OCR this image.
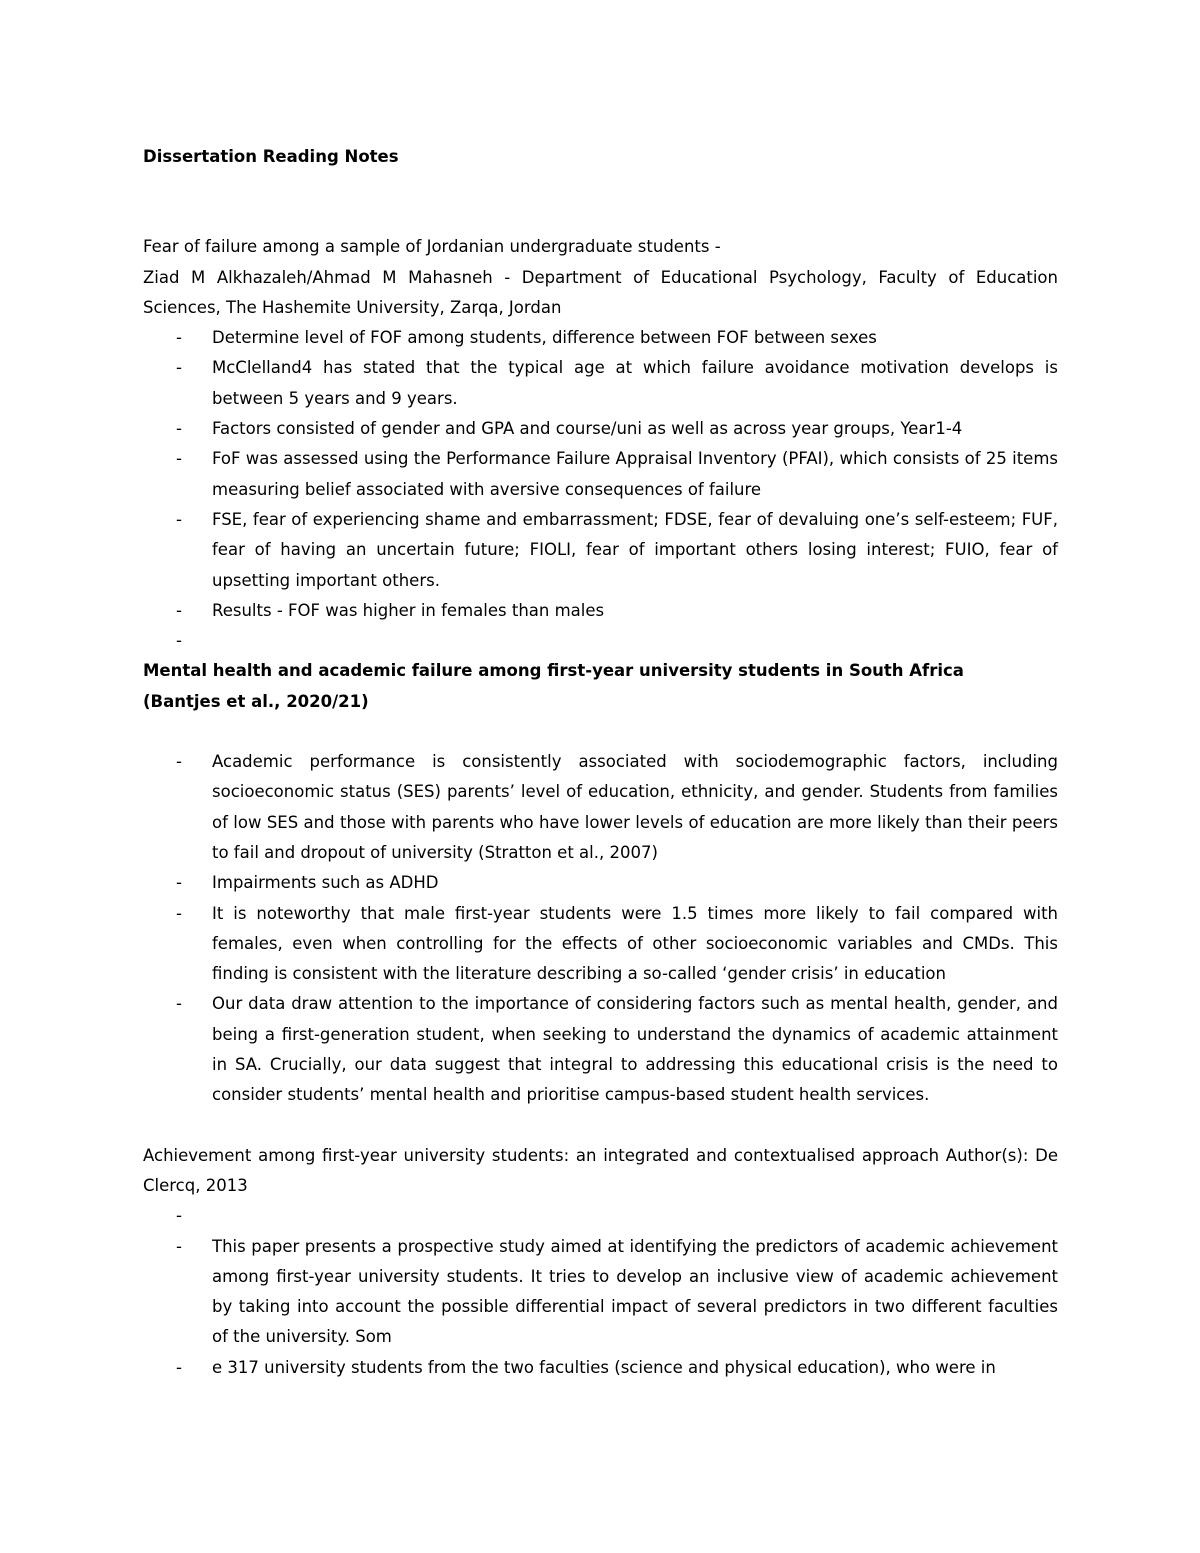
Dissertation Reading Notes

Fear of failure among a sample of Jordanian undergraduate students -

Ziad M Alkhazaleh/Ahmad M Mahasneh - Department of Educational Psychology, Faculty of Education Sciences, The Hashemite University, Zarqa, Jordan

- Determine level of FOF among students, difference between FOF between sexes
- McClelland4 has stated that the typical age at which failure avoidance motivation develops is between 5 years and 9 years.
- Factors consisted of gender and GPA and course/uni as well as across year groups, Year1-4
- FoF was assessed using the Performance Failure Appraisal Inventory (PFAI), which consists of 25 items measuring belief associated with aversive consequences of failure
- FSE, fear of experiencing shame and embarrassment; FDSE, fear of devaluing one’s self-esteem; FUF, fear of having an uncertain future; FIOLI, fear of important others losing interest; FUIO, fear of upsetting important others.
- Results - FOF was higher in females than males
-

Mental health and academic failure among first-year university students in South Africa

(Bantjes et al., 2020/21)

- Academic performance is consistently associated with sociodemographic factors, including socioeconomic status (SES) parents’ level of education, ethnicity, and gender. Students from families of low SES and those with parents who have lower levels of education are more likely than their peers to fail and dropout of university (Stratton et al., 2007)
- Impairments such as ADHD
- It is noteworthy that male first-year students were 1.5 times more likely to fail compared with females, even when controlling for the effects of other socioeconomic variables and CMDs. This finding is consistent with the literature describing a so-called ‘gender crisis’ in education
- Our data draw attention to the importance of considering factors such as mental health, gender, and being a first-generation student, when seeking to understand the dynamics of academic attainment in SA. Crucially, our data suggest that integral to addressing this educational crisis is the need to consider students’ mental health and prioritise campus-based student health services.

Achievement among first-year university students: an integrated and contextualised approach Author(s): De Clercq, 2013

-
- This paper presents a prospective study aimed at identifying the predictors of academic achievement among first-year university students. It tries to develop an inclusive view of academic achievement by taking into account the possible differential impact of several predictors in two different faculties of the university. Som
- e 317 university students from the two faculties (science and physical education), who were in
